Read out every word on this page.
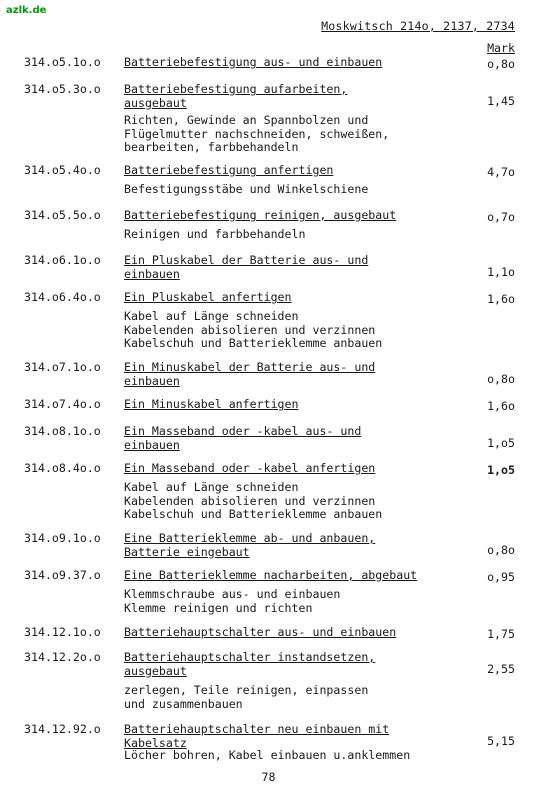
azlk.de
Moskwitsch 214o, 2137, 2734
Mark
314.o5.1o.o	Batteriebefestigung aus- und einbauen	o,8o
314.o5.3o.o	Batteriebefestigung aufarbeiten,
ausgebaut	1,45
Richten, Gewinde an Spannbolzen und
Flügelmutter nachschneiden, schweißen,
bearbeiten, farbbehandeln
314.o5.4o.o	Batteriebefestigung anfertigen	4,7o
Befestigungsstäbe und Winkelschiene
314.o5.5o.o	Batteriebefestigung reinigen, ausgebaut	o,7o
Reinigen und farbbehandeln
314.o6.1o.o	Ein Pluskabel der Batterie aus- und
einbauen	1,1o
314.o6.4o.o	Ein Pluskabel anfertigen	1,6o
Kabel auf Länge schneiden
Kabelenden abisolieren und verzinnen
Kabelschuh und Batterieklemme anbauen
314.o7.1o.o	Ein Minuskabel der Batterie aus- und
einbauen	o,8o
314.o7.4o.o	Ein Minuskabel anfertigen	1,6o
314.o8.1o.o	Ein Masseband oder -kabel aus- und
einbauen	1,o5
314.o8.4o.o	Ein Masseband oder -kabel anfertigen	1,o5
Kabel auf Länge schneiden
Kabelenden abisolieren und verzinnen
Kabelschuh und Batterieklemme anbauen
314.o9.1o.o	Eine Batterieklemme ab- und anbauen,
Batterie eingebaut	o,8o
314.o9.37.o	Eine Batterieklemme nacharbeiten, abgebaut	o,95
Klemmschraube aus- und einbauen
Klemme reinigen und richten
314.12.1o.o	Batteriehauptschalter aus- und einbauen	1,75
314.12.2o.o	Batteriehauptschalter instandsetzen,
ausgebaut	2,55
zerlegen, Teile reinigen, einpassen
und zusammenbauen
314.12.92.o	Batteriehauptschalter neu einbauen mit
Kabelsatz	5,15
Löcher bohren, Kabel einbauen u.anklemmen
78
